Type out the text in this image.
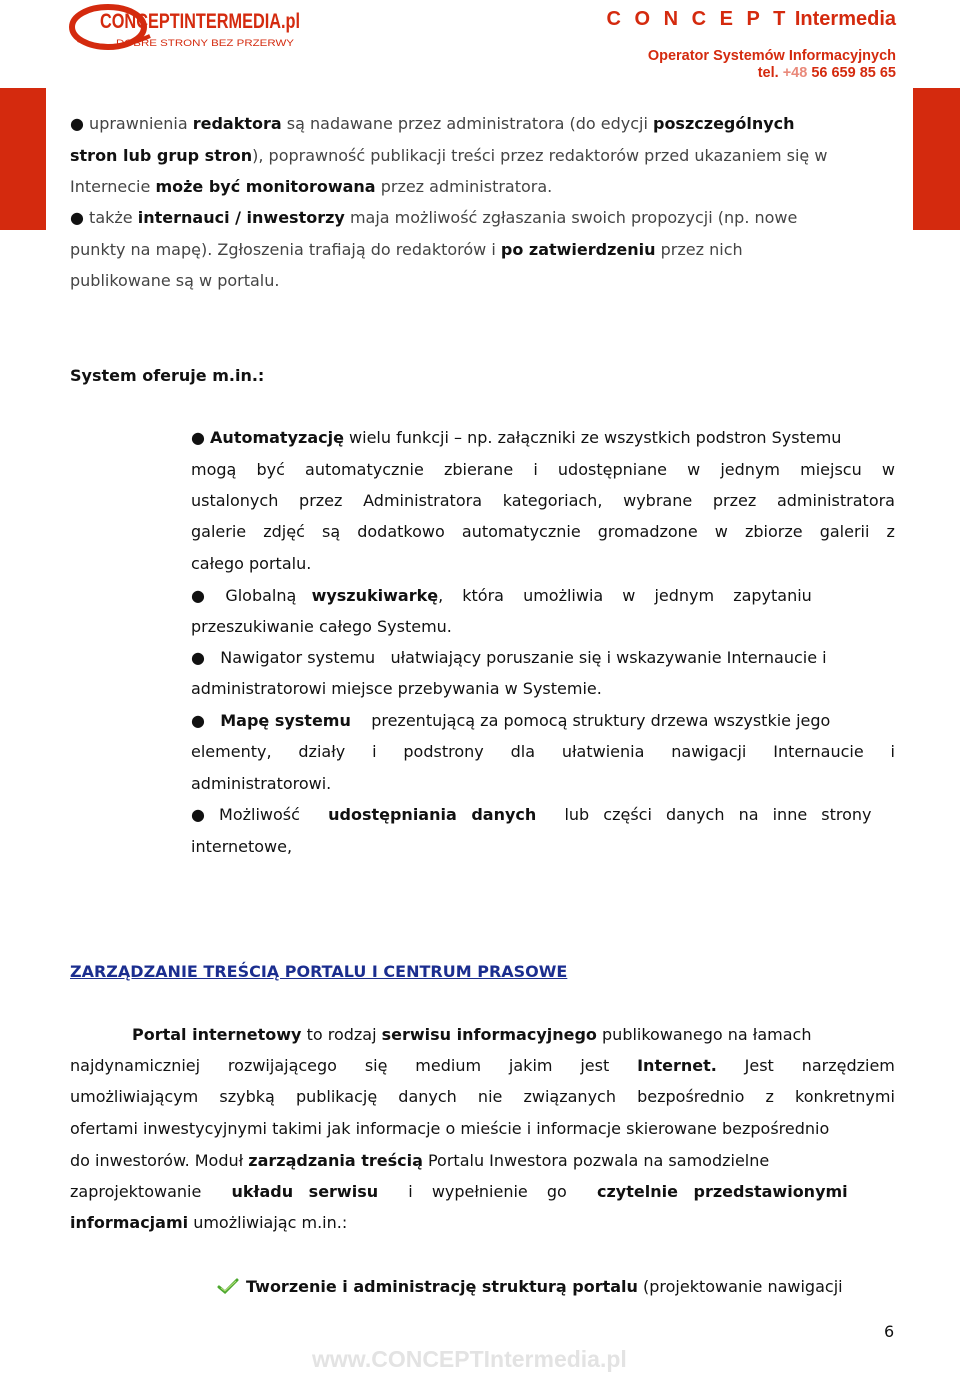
CONCEPTINTERMEDIA.pl
DOBRE STRONY BEZ PRZERWY
C O N C E P T Intermedia
Operator Systemów Informacyjnych
tel. +48 56 659 85 65
● uprawnienia redaktora są nadawane przez administratora (do edycji poszczególnych
stron lub grup stron), poprawność publikacji treści przez redaktorów przed ukazaniem się w
Internecie może być monitorowana przez administratora.
● także internauci / inwestorzy maja możliwość zgłaszania swoich propozycji (np. nowe
punkty na mapę). Zgłoszenia trafiają do redaktorów i po zatwierdzeniu przez nich
publikowane są w portalu.
System oferuje m.in.:
● Automatyzację wielu funkcji – np. załączniki ze wszystkich podstron Systemu
mogą być automatycznie zbierane i udostępniane w jednym miejscu w
ustalonych przez Administratora kategoriach, wybrane przez administratora
galerie zdjęć są dodatkowo automatycznie gromadzone w zbiorze galerii z
całego portalu.
●    Globalną wyszukiwarkę, która umożliwia w jednym zapytaniu
przeszukiwanie całego Systemu.
●   Nawigator systemu ułatwiający poruszanie się i wskazywanie Internaucie i
administratorowi miejsce przebywania w Systemie.
●   Mapę systemu prezentującą za pomocą struktury drzewa wszystkie jego
elementy, działy i podstrony dla ułatwienia nawigacji Internaucie i
administratorowi.
● Możliwość udostępniania danych lub części danych na inne strony
internetowe,
ZARZĄDZANIE TREŚCIĄ PORTALU I CENTRUM PRASOWE
Portal internetowy to rodzaj serwisu informacyjnego publikowanego na łamach
najdynamiczniej rozwijającego się medium jakim jest Internet. Jest narzędziem
umożliwiającym szybką publikację danych nie związanych bezpośrednio z konkretnymi
ofertami inwestycyjnymi takimi jak informacje o mieście i informacje skierowane bezpośrednio
do inwestorów. Moduł zarządzania treścią Portalu Inwestora pozwala na samodzielne
zaprojektowanie układu serwisu i wypełnienie go czytelnie przedstawionymi
informacjami umożliwiając m.in.:
Tworzenie i administrację strukturą portalu (projektowanie nawigacji
6
www.CONCEPTIntermedia.pl
